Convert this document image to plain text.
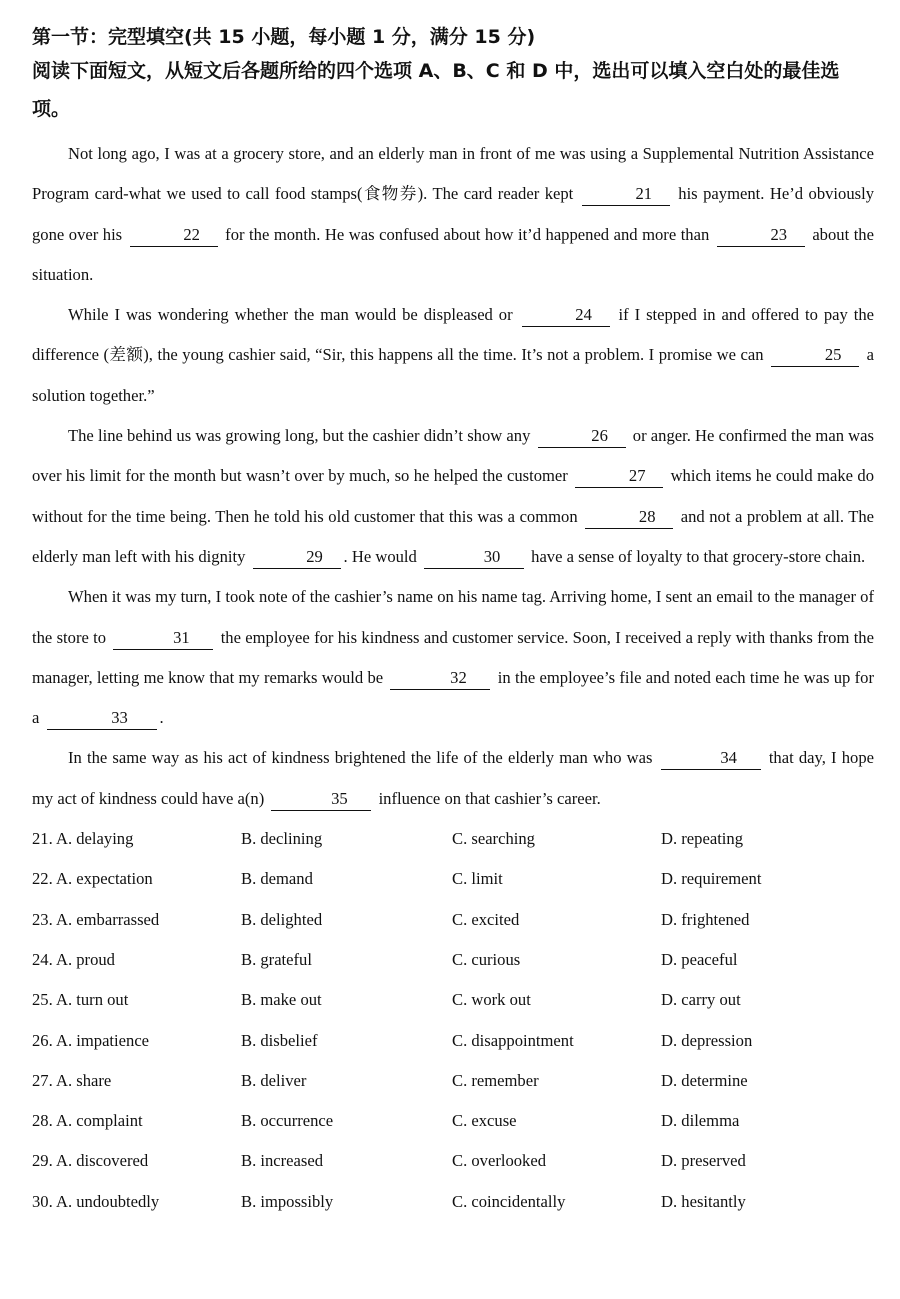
第一节：完型填空(共 15 小题，每小题 1 分，满分 15 分)

阅读下面短文，从短文后各题所给的四个选项 A、B、C 和 D 中，选出可以填入空白处的最佳选项。

Not long ago, I was at a grocery store, and an elderly man in front of me was using a Supplemental Nutrition Assistance Program card-what we used to call food stamps(食物券). The card reader kept	21 his payment. He’d obviously gone over his	22 for the month. He was confused about how it’d happened and more than	23 about the situation.

While I was wondering whether the man would be displeased or	24 if I stepped in and offered to pay the difference (差额), the young cashier said, “Sir, this happens all the time. It’s not a problem. I promise we can	25 a solution together.”

The line behind us was growing long, but the cashier didn’t show any	26 or anger. He confirmed the man was over his limit for the month but wasn’t over by much, so he helped the customer	27 which items he could make do without for the time being. Then he told his old customer that this was a common	28 and not a problem at all. The elderly man left with his dignity	29 . He would	30 have a sense of loyalty to that grocery-store chain.

When it was my turn, I took note of the cashier’s name on his name tag. Arriving home, I sent an email to the manager of the store to	31 the employee for his kindness and customer service. Soon, I received a reply with thanks from the manager, letting me know that my remarks would be	32 in the employee’s file and noted each time he was up for a	33 .

In the same way as his act of kindness brightened the life of the elderly man who was	34 that day, I hope my act of kindness could have a(n)	35 influence on that cashier’s career.

21. A. delaying	B. declining	C. searching	D. repeating
22. A. expectation	B. demand	C. limit	D. requirement
23. A. embarrassed	B. delighted	C. excited	D. frightened
24. A. proud	B. grateful	C. curious	D. peaceful
25. A. turn out	B. make out	C. work out	D. carry out
26. A. impatience	B. disbelief	C. disappointment	D. depression
27. A. share	B. deliver	C. remember	D. determine
28. A. complaint	B. occurrence	C. excuse	D. dilemma
29. A. discovered	B. increased	C. overlooked	D. preserved
30. A. undoubtedly	B. impossibly	C. coincidentally	D. hesitantly
